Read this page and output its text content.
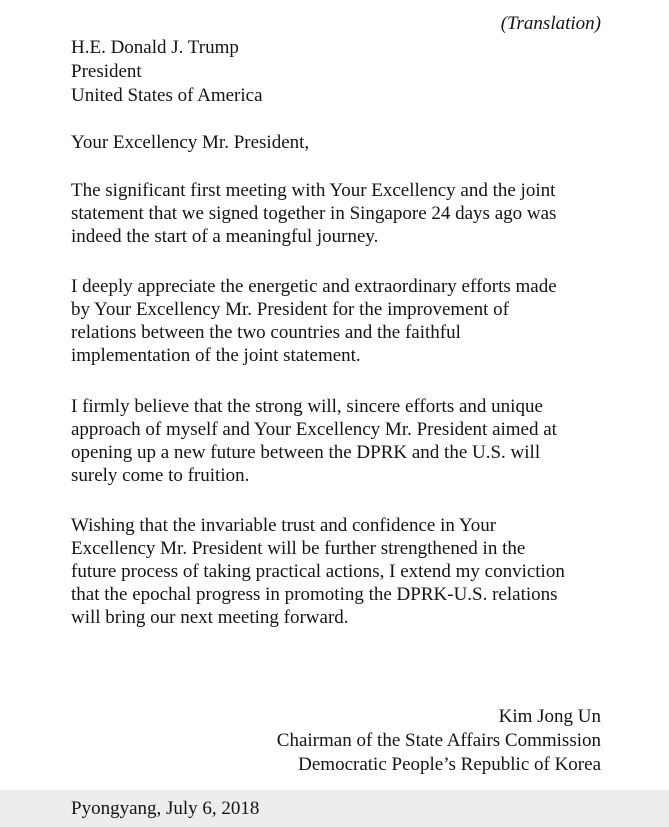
(Translation)
H.E. Donald J. Trump
President
United States of America
Your Excellency Mr. President,
The significant first meeting with Your Excellency and the joint
statement that we signed together in Singapore 24 days ago was
indeed the start of a meaningful journey.
I deeply appreciate the energetic and extraordinary efforts made
by Your Excellency Mr. President for the improvement of
relations between the two countries and the faithful
implementation of the joint statement.
I firmly believe that the strong will, sincere efforts and unique
approach of myself and Your Excellency Mr. President aimed at
opening up a new future between the DPRK and the U.S. will
surely come to fruition.
Wishing that the invariable trust and confidence in Your
Excellency Mr. President will be further strengthened in the
future process of taking practical actions, I extend my conviction
that the epochal progress in promoting the DPRK-U.S. relations
will bring our next meeting forward.
Kim Jong Un
Chairman of the State Affairs Commission
Democratic People’s Republic of Korea
Pyongyang, July 6, 2018
